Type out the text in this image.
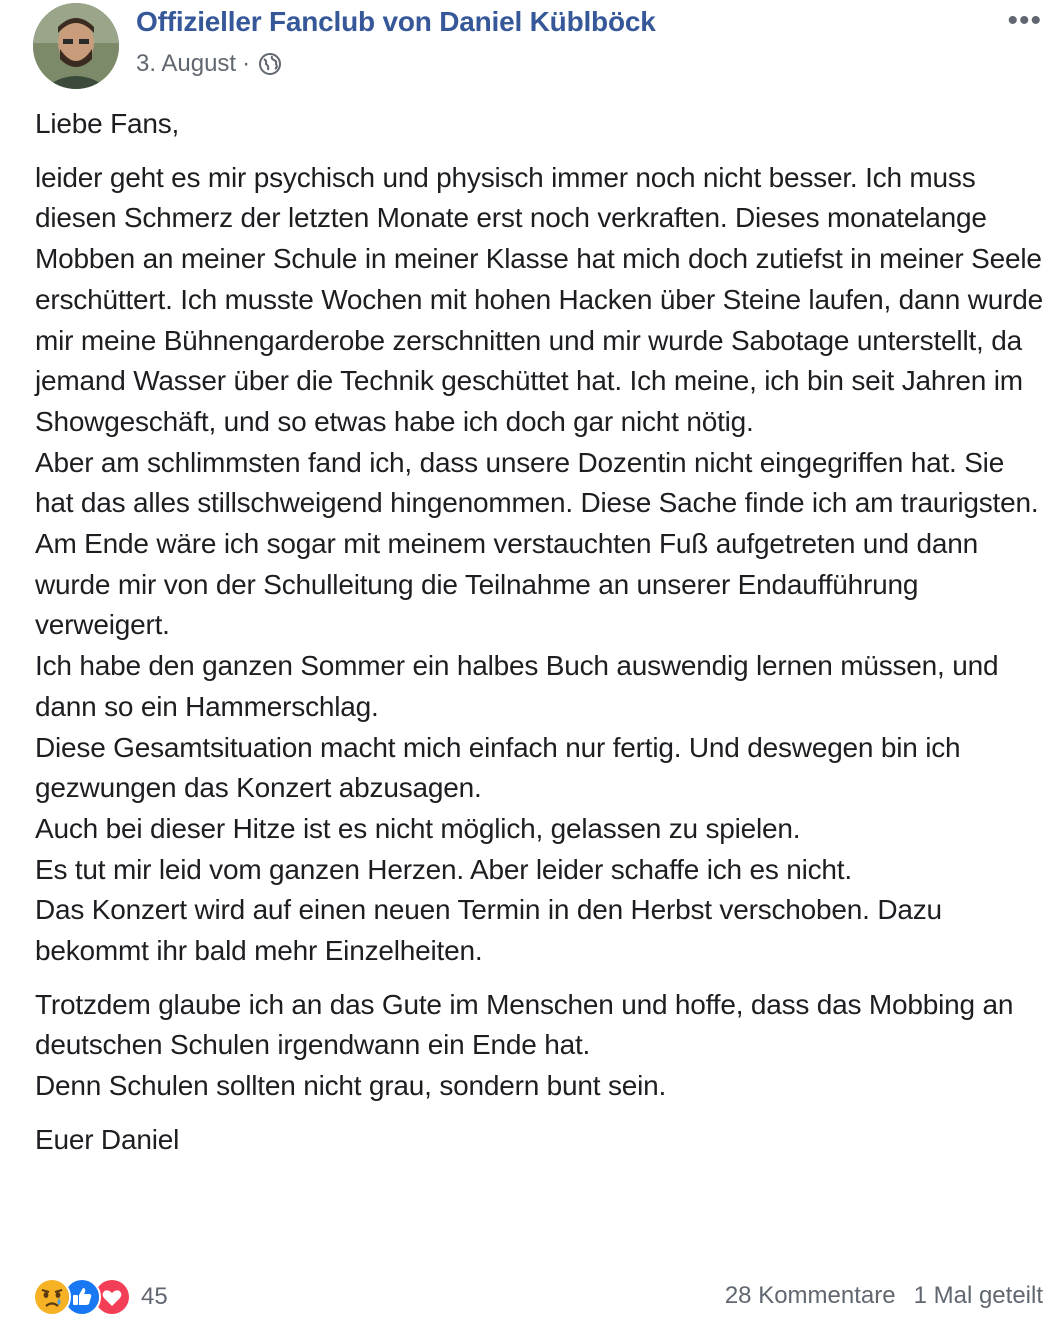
Offizieller Fanclub von Daniel Küblböck
3. August ·
•••

Liebe Fans,

leider geht es mir psychisch und physisch immer noch nicht besser. Ich muss diesen Schmerz der letzten Monate erst noch verkraften. Dieses monatelange Mobben an meiner Schule in meiner Klasse hat mich doch zutiefst in meiner Seele erschüttert. Ich musste Wochen mit hohen Hacken über Steine laufen, dann wurde mir meine Bühnengarderobe zerschnitten und mir wurde Sabotage unterstellt, da jemand Wasser über die Technik geschüttet hat. Ich meine, ich bin seit Jahren im Showgeschäft, und so etwas habe ich doch gar nicht nötig.

Aber am schlimmsten fand ich, dass unsere Dozentin nicht eingegriffen hat. Sie hat das alles stillschweigend hingenommen. Diese Sache finde ich am traurigsten.

Am Ende wäre ich sogar mit meinem verstauchten Fuß aufgetreten und dann wurde mir von der Schulleitung die Teilnahme an unserer Endaufführung verweigert.

Ich habe den ganzen Sommer ein halbes Buch auswendig lernen müssen, und dann so ein Hammerschlag.

Diese Gesamtsituation macht mich einfach nur fertig. Und deswegen bin ich gezwungen das Konzert abzusagen.

Auch bei dieser Hitze ist es nicht möglich, gelassen zu spielen.

Es tut mir leid vom ganzen Herzen. Aber leider schaffe ich es nicht.

Das Konzert wird auf einen neuen Termin in den Herbst verschoben. Dazu bekommt ihr bald mehr Einzelheiten.

Trotzdem glaube ich an das Gute im Menschen und hoffe, dass das Mobbing an deutschen Schulen irgendwann ein Ende hat.

Denn Schulen sollten nicht grau, sondern bunt sein.

Euer Daniel

45	28 Kommentare 1 Mal geteilt
